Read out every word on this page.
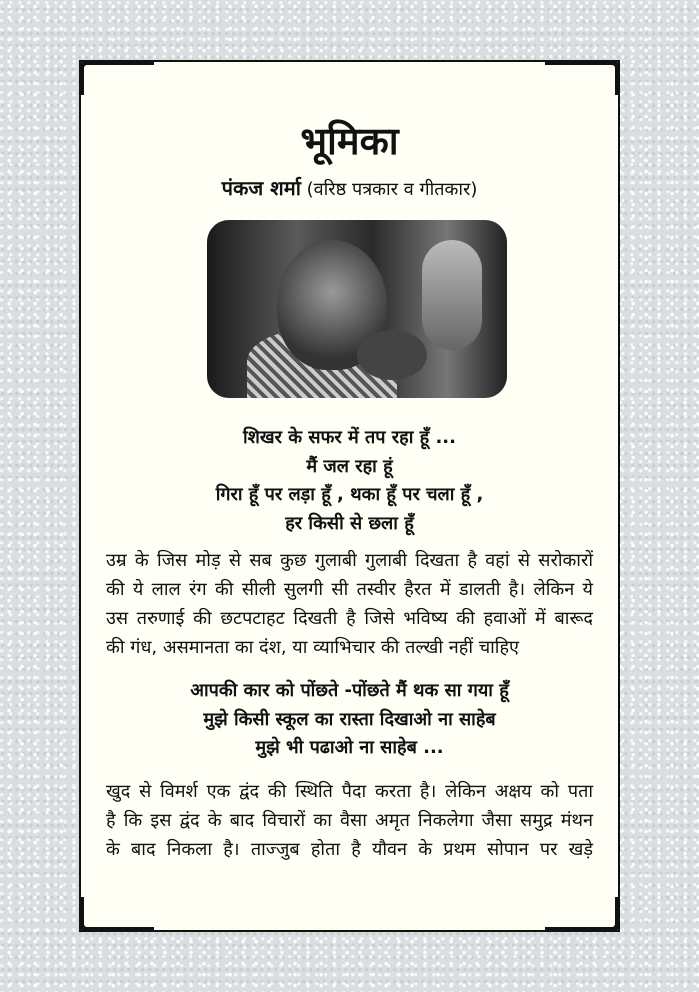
भूमिका
पंकज शर्मा (वरिष्ठ पत्रकार व गीतकार)
शिखर के सफर में तप रहा हूँ ...
मैं जल रहा हूं
गिरा हूँ पर लड़ा हूँ , थका हूँ पर चला हूँ ,
हर किसी से छला हूँ
उम्र के जिस मोड़ से सब कुछ गुलाबी गुलाबी दिखता है वहां से सरोकारों
की ये लाल रंग की सीली सुलगी सी तस्वीर हैरत में डालती है। लेकिन ये
उस तरुणाई की छटपटाहट दिखती है जिसे भविष्य की हवाओं में बारूद
की गंध, असमानता का दंश, या व्याभिचार की तल्खी नहीं चाहिए
आपकी कार को पोंछते -पोंछते मैं थक सा गया हूँ
मुझे किसी स्कूल का रास्ता दिखाओ ना साहेब
मुझे भी पढाओ ना साहेब ...
खुद से विमर्श एक द्वंद की स्थिति पैदा करता है। लेकिन अक्षय को पता
है कि इस द्वंद के बाद विचारों का वैसा अमृत निकलेगा जैसा समुद्र मंथन
के बाद निकला है। ताज्जुब होता है यौवन के प्रथम सोपान पर खड़े
